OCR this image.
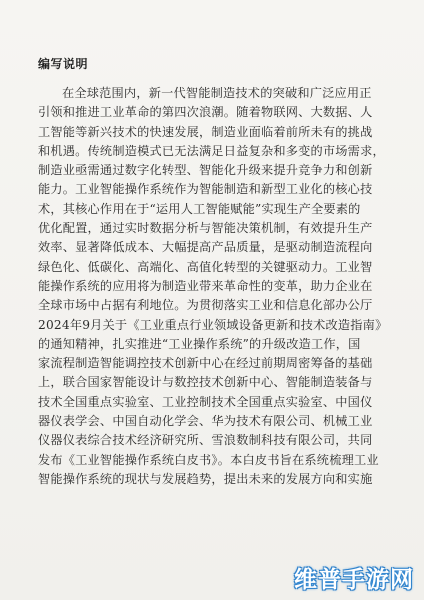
编写说明
在全球范围内，新一代智能制造技术的突破和广泛应用正
引领和推进工业革命的第四次浪潮。随着物联网、大数据、人
工智能等新兴技术的快速发展，制造业面临着前所未有的挑战
和机遇。传统制造模式已无法满足日益复杂和多变的市场需求，
制造业亟需通过数字化转型、智能化升级来提升竞争力和创新
能力。工业智能操作系统作为智能制造和新型工业化的核心技
术，其核心作用在于“运用人工智能赋能”实现生产全要素的
优化配置，通过实时数据分析与智能决策机制，有效提升生产
效率、显著降低成本、大幅提高产品质量，是驱动制造流程向
绿色化、低碳化、高端化、高值化转型的关键驱动力。工业智
能操作系统的应用将为制造业带来革命性的变革，助力企业在
全球市场中占据有利地位。为贯彻落实工业和信息化部办公厅
2024年9月关于《工业重点行业领域设备更新和技术改造指南》
的通知精神，扎实推进“工业操作系统”的升级改造工作，国
家流程制造智能调控技术创新中心在经过前期周密筹备的基础
上，联合国家智能设计与数控技术创新中心、智能制造装备与
技术全国重点实验室、工业控制技术全国重点实验室、中国仪
器仪表学会、中国自动化学会、华为技术有限公司、机械工业
仪器仪表综合技术经济研究所、雪浪数制科技有限公司，共同
发布《工业智能操作系统白皮书》。本白皮书旨在系统梳理工业
智能操作系统的现状与发展趋势，提出未来的发展方向和实施
维普手游网
